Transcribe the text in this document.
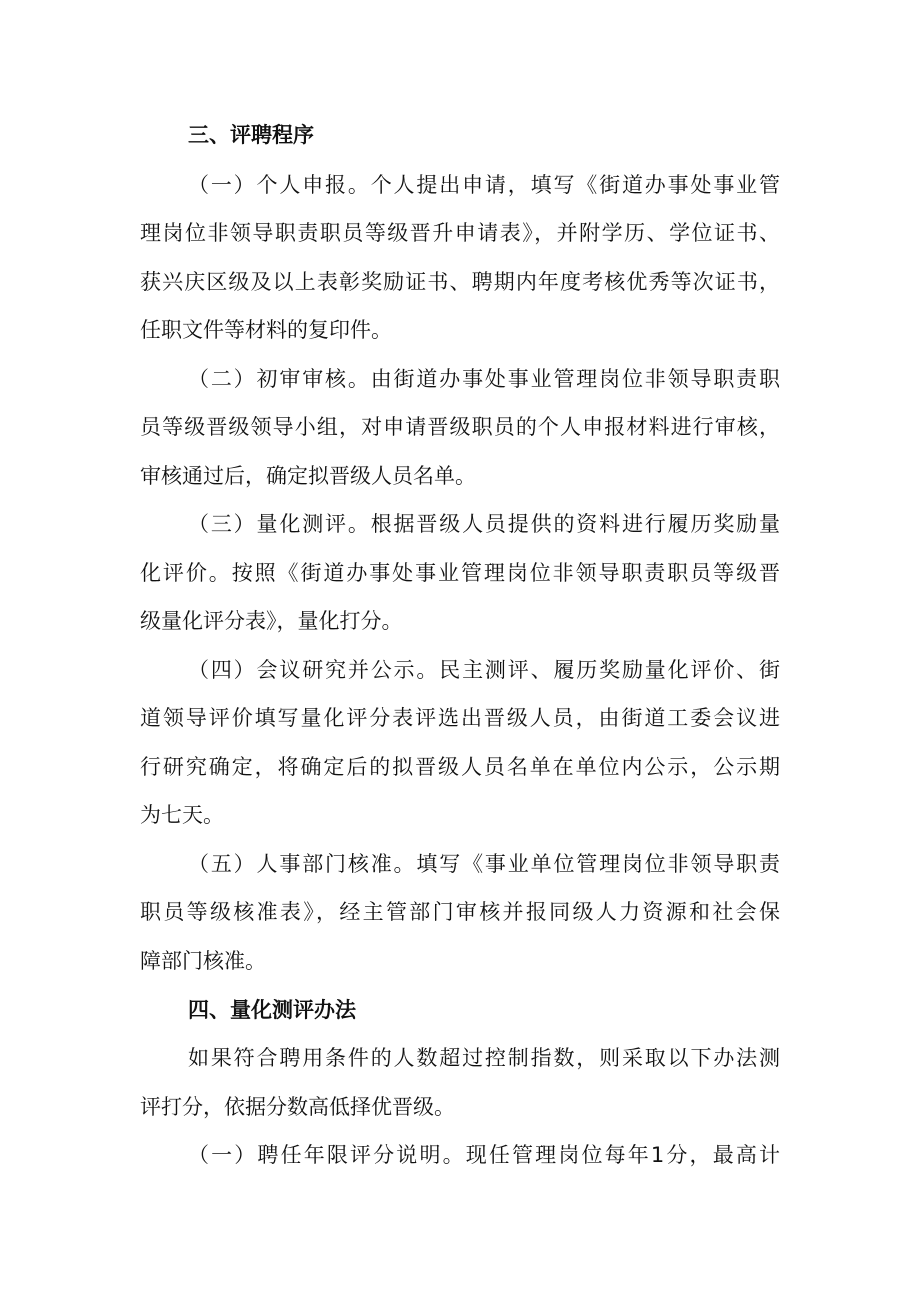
三、评聘程序
（一）个人申报。个人提出申请，填写《街道办事处事业管
理岗位非领导职责职员等级晋升申请表》，并附学历、学位证书、
获兴庆区级及以上表彰奖励证书、聘期内年度考核优秀等次证书，
任职文件等材料的复印件。
（二）初审审核。由街道办事处事业管理岗位非领导职责职
员等级晋级领导小组，对申请晋级职员的个人申报材料进行审核，
审核通过后，确定拟晋级人员名单。
（三）量化测评。根据晋级人员提供的资料进行履历奖励量
化评价。按照《街道办事处事业管理岗位非领导职责职员等级晋
级量化评分表》，量化打分。
（四）会议研究并公示。民主测评、履历奖励量化评价、街
道领导评价填写量化评分表评选出晋级人员，由街道工委会议进
行研究确定，将确定后的拟晋级人员名单在单位内公示，公示期
为七天。
（五）人事部门核准。填写《事业单位管理岗位非领导职责
职员等级核准表》，经主管部门审核并报同级人力资源和社会保
障部门核准。
四、量化测评办法
如果符合聘用条件的人数超过控制指数，则采取以下办法测
评打分，依据分数高低择优晋级。
（一）聘任年限评分说明。现任管理岗位每年1分，最高计
